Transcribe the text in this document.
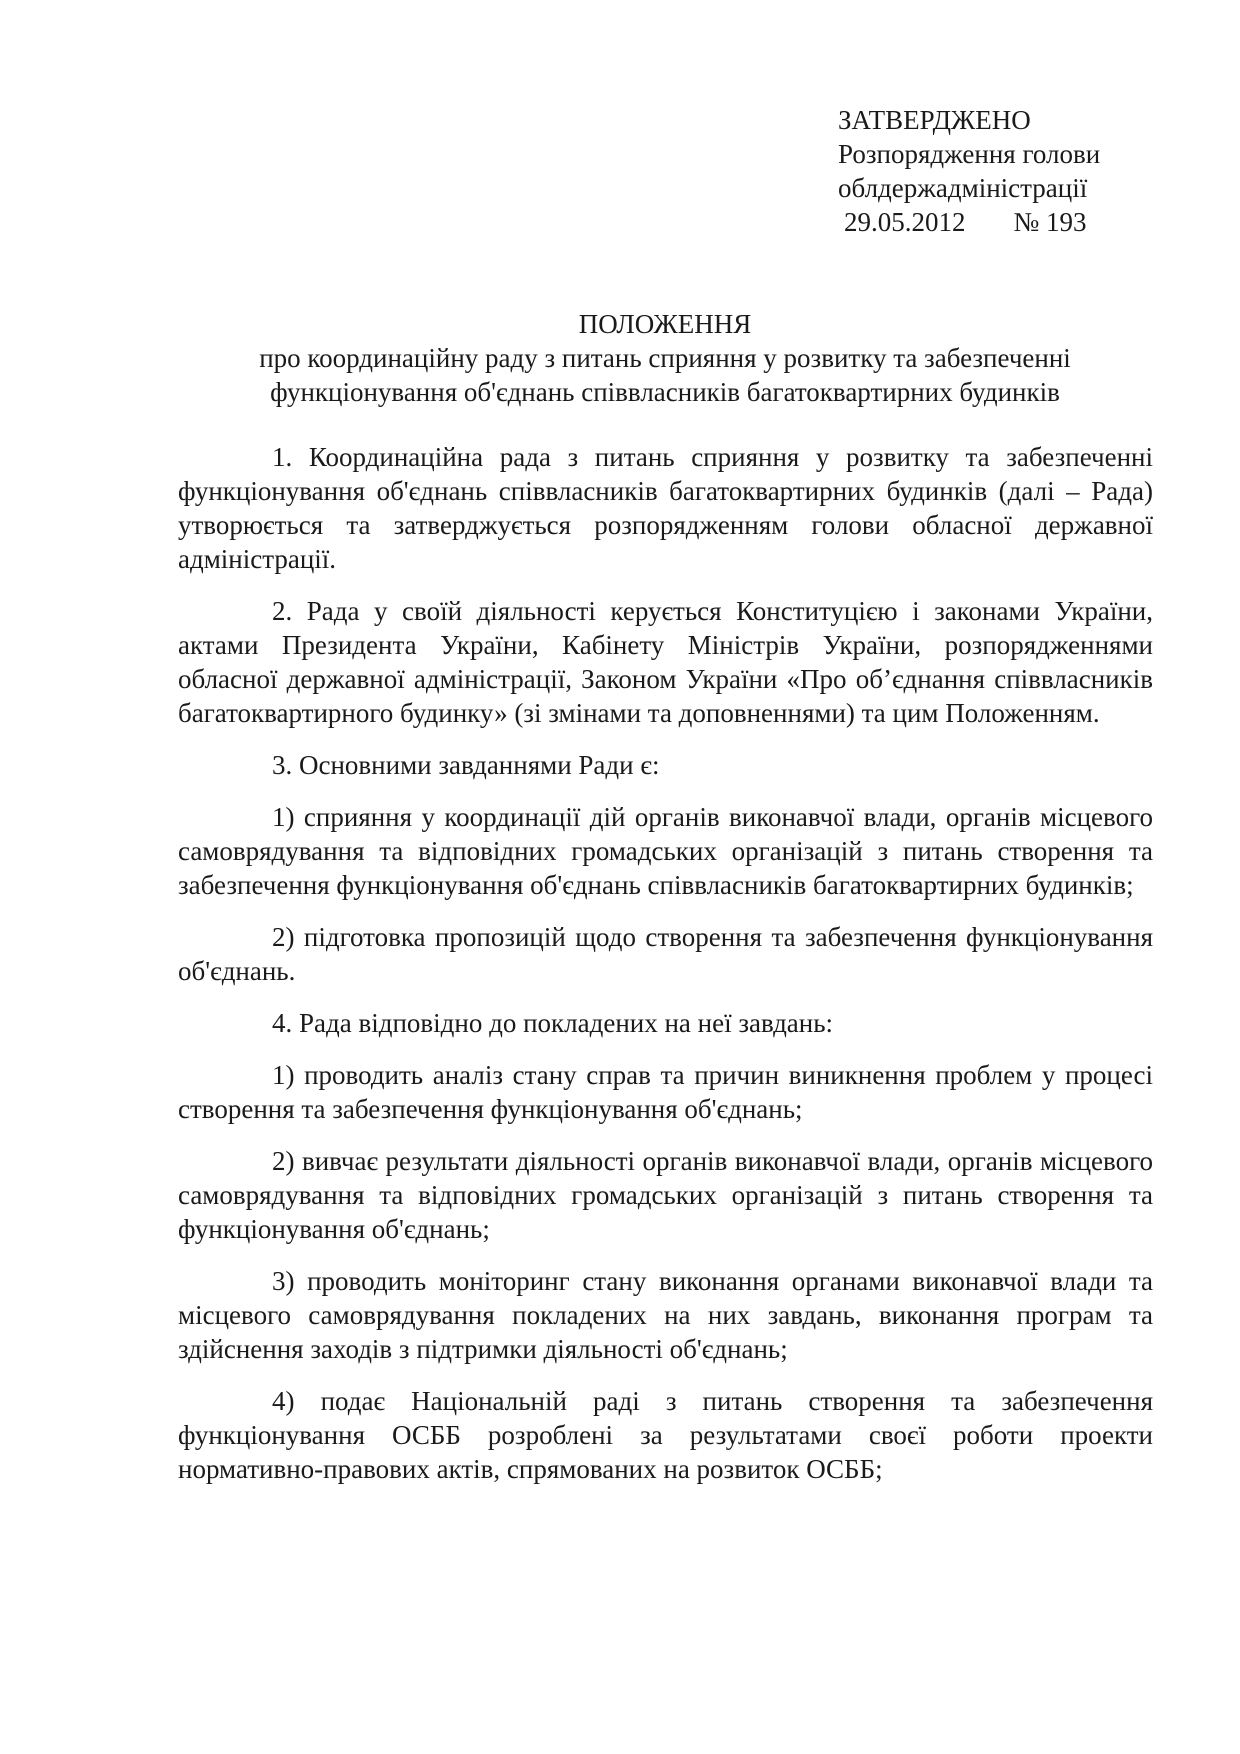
ЗАТВЕРДЖЕНО
Розпорядження голови
облдержадміністрації
29.05.2012 № 193
ПОЛОЖЕННЯ
про координаційну раду з питань сприяння у розвитку та забезпеченні
функціонування об'єднань співвласників багатоквартирних будинків

1. Координаційна рада з питань сприяння у розвитку та забезпеченні функціонування об'єднань співвласників багатоквартирних будинків (далі – Рада) утворюється та затверджується розпорядженням голови обласної державної адміністрації.

2. Рада у своїй діяльності керується Конституцією і законами України, актами Президента України, Кабінету Міністрів України, розпорядженнями обласної державної адміністрації, Законом України «Про об’єднання співвласників багатоквартирного будинку» (зі змінами та доповненнями) та цим Положенням.

3. Основними завданнями Ради є:

1) сприяння у координації дій органів виконавчої влади, органів місцевого самоврядування та відповідних громадських організацій з питань створення та забезпечення функціонування об'єднань співвласників багатоквартирних будинків;

2) підготовка пропозицій щодо створення та забезпечення функціонування об'єднань.

4. Рада відповідно до покладених на неї завдань:

1) проводить аналіз стану справ та причин виникнення проблем у процесі створення та забезпечення функціонування об'єднань;

2) вивчає результати діяльності органів виконавчої влади, органів місцевого самоврядування та відповідних громадських організацій з питань створення та функціонування об'єднань;

3) проводить моніторинг стану виконання органами виконавчої влади та місцевого самоврядування покладених на них завдань, виконання програм та здійснення заходів з підтримки діяльності об'єднань;

4) подає Національній раді з питань створення та забезпечення функціонування ОСББ розроблені за результатами своєї роботи проекти нормативно-правових актів, спрямованих на розвиток ОСББ;
